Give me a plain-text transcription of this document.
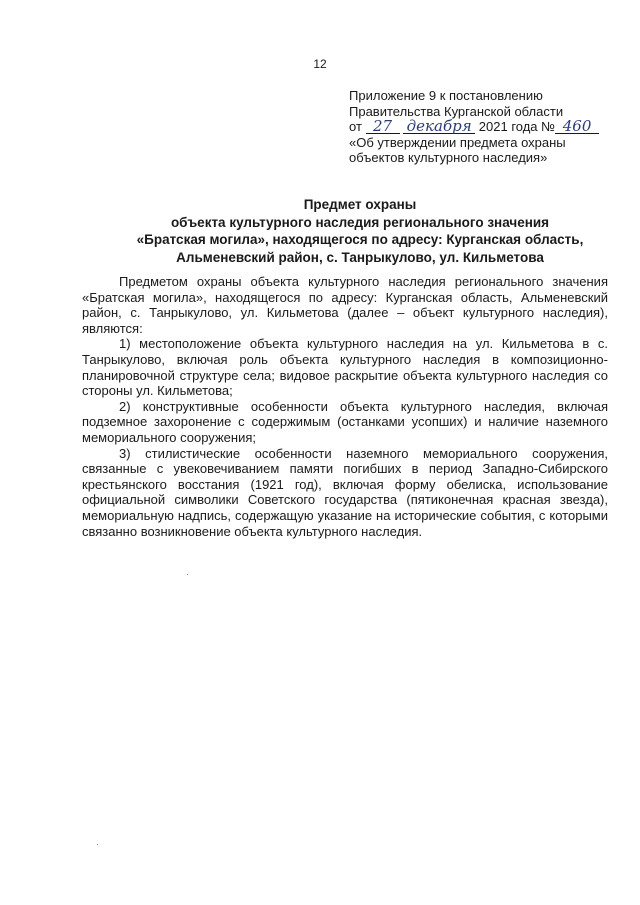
12
Приложение 9 к постановлению
Правительства Курганской области
от 27 декабря 2021 года № 460
«Об утверждении предмета охраны
объектов культурного наследия»
Предмет охраны
объекта культурного наследия регионального значения
«Братская могила», находящегося по адресу: Курганская область,
Альменевский район, с. Танрыкулово, ул. Кильметова

Предметом охраны объекта культурного наследия регионального значения «Братская могила», находящегося по адресу: Курганская область, Альменевский район, с. Танрыкулово, ул. Кильметова (далее – объект культурного наследия), являются:

1) местоположение объекта культурного наследия на ул. Кильметова в с. Танрыкулово, включая роль объекта культурного наследия в композиционно-планировочной структуре села; видовое раскрытие объекта культурного наследия со стороны ул. Кильметова;

2) конструктивные особенности объекта культурного наследия, включая подземное захоронение с содержимым (останками усопших) и наличие наземного мемориального сооружения;

3) стилистические особенности наземного мемориального сооружения, связанные с увековечиванием памяти погибших в период Западно-Сибирского крестьянского восстания (1921 год), включая форму обелиска, использование официальной символики Советского государства (пятиконечная красная звезда), мемориальную надпись, содержащую указание на исторические события, с которыми связанно возникновение объекта культурного наследия.
